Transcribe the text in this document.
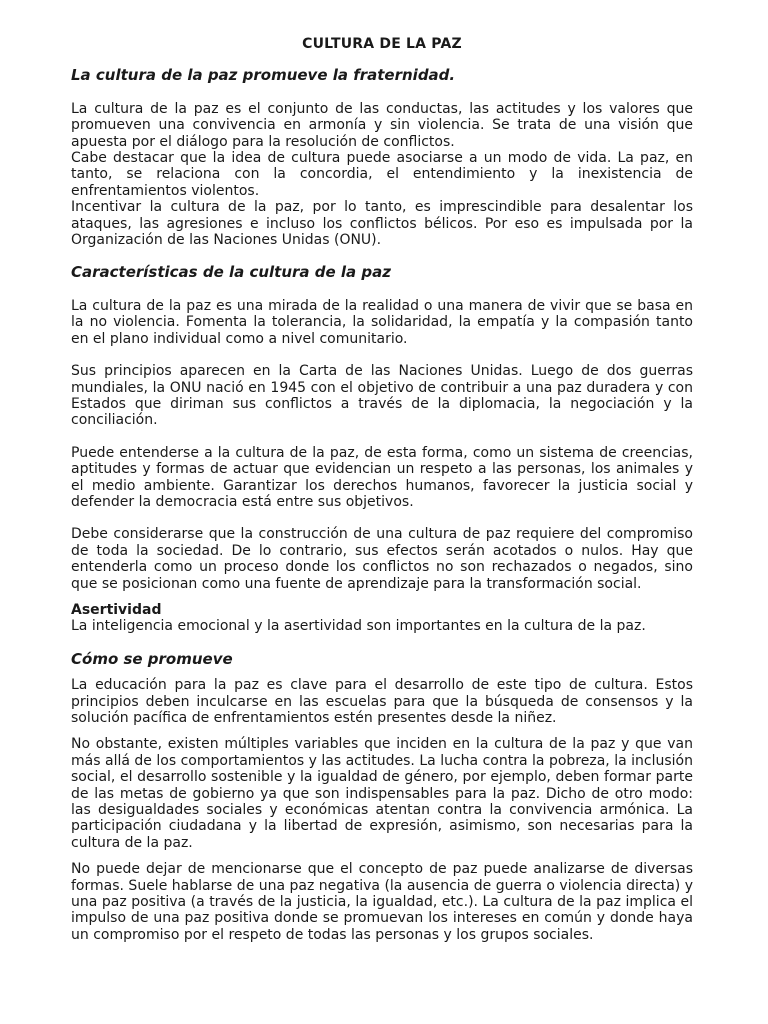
CULTURA DE LA PAZ
La cultura de la paz promueve la fraternidad.

La cultura de la paz es el conjunto de las conductas, las actitudes y los valores que promueven una convivencia en armonía y sin violencia. Se trata de una visión que apuesta por el diálogo para la resolución de conflictos.

Cabe destacar que la idea de cultura puede asociarse a un modo de vida. La paz, en tanto, se relaciona con la concordia, el entendimiento y la inexistencia de enfrentamientos violentos.

Incentivar la cultura de la paz, por lo tanto, es imprescindible para desalentar los ataques, las agresiones e incluso los conflictos bélicos. Por eso es impulsada por la Organización de las Naciones Unidas (ONU).

Características de la cultura de la paz

La cultura de la paz es una mirada de la realidad o una manera de vivir que se basa en la no violencia. Fomenta la tolerancia, la solidaridad, la empatía y la compasión tanto en el plano individual como a nivel comunitario.

Sus principios aparecen en la Carta de las Naciones Unidas. Luego de dos guerras mundiales, la ONU nació en 1945 con el objetivo de contribuir a una paz duradera y con Estados que diriman sus conflictos a través de la diplomacia, la negociación y la conciliación.

Puede entenderse a la cultura de la paz, de esta forma, como un sistema de creencias, aptitudes y formas de actuar que evidencian un respeto a las personas, los animales y el medio ambiente. Garantizar los derechos humanos, favorecer la justicia social y defender la democracia está entre sus objetivos.

Debe considerarse que la construcción de una cultura de paz requiere del compromiso de toda la sociedad. De lo contrario, sus efectos serán acotados o nulos. Hay que entenderla como un proceso donde los conflictos no son rechazados o negados, sino que se posicionan como una fuente de aprendizaje para la transformación social.

Asertividad

La inteligencia emocional y la asertividad son importantes en la cultura de la paz.

Cómo se promueve

La educación para la paz es clave para el desarrollo de este tipo de cultura. Estos principios deben inculcarse en las escuelas para que la búsqueda de consensos y la solución pacífica de enfrentamientos estén presentes desde la niñez.

No obstante, existen múltiples variables que inciden en la cultura de la paz y que van más allá de los comportamientos y las actitudes. La lucha contra la pobreza, la inclusión social, el desarrollo sostenible y la igualdad de género, por ejemplo, deben formar parte de las metas de gobierno ya que son indispensables para la paz. Dicho de otro modo: las desigualdades sociales y económicas atentan contra la convivencia armónica. La participación ciudadana y la libertad de expresión, asimismo, son necesarias para la cultura de la paz.

No puede dejar de mencionarse que el concepto de paz puede analizarse de diversas formas. Suele hablarse de una paz negativa (la ausencia de guerra o violencia directa) y una paz positiva (a través de la justicia, la igualdad, etc.). La cultura de la paz implica el impulso de una paz positiva donde se promuevan los intereses en común y donde haya un compromiso por el respeto de todas las personas y los grupos sociales.
